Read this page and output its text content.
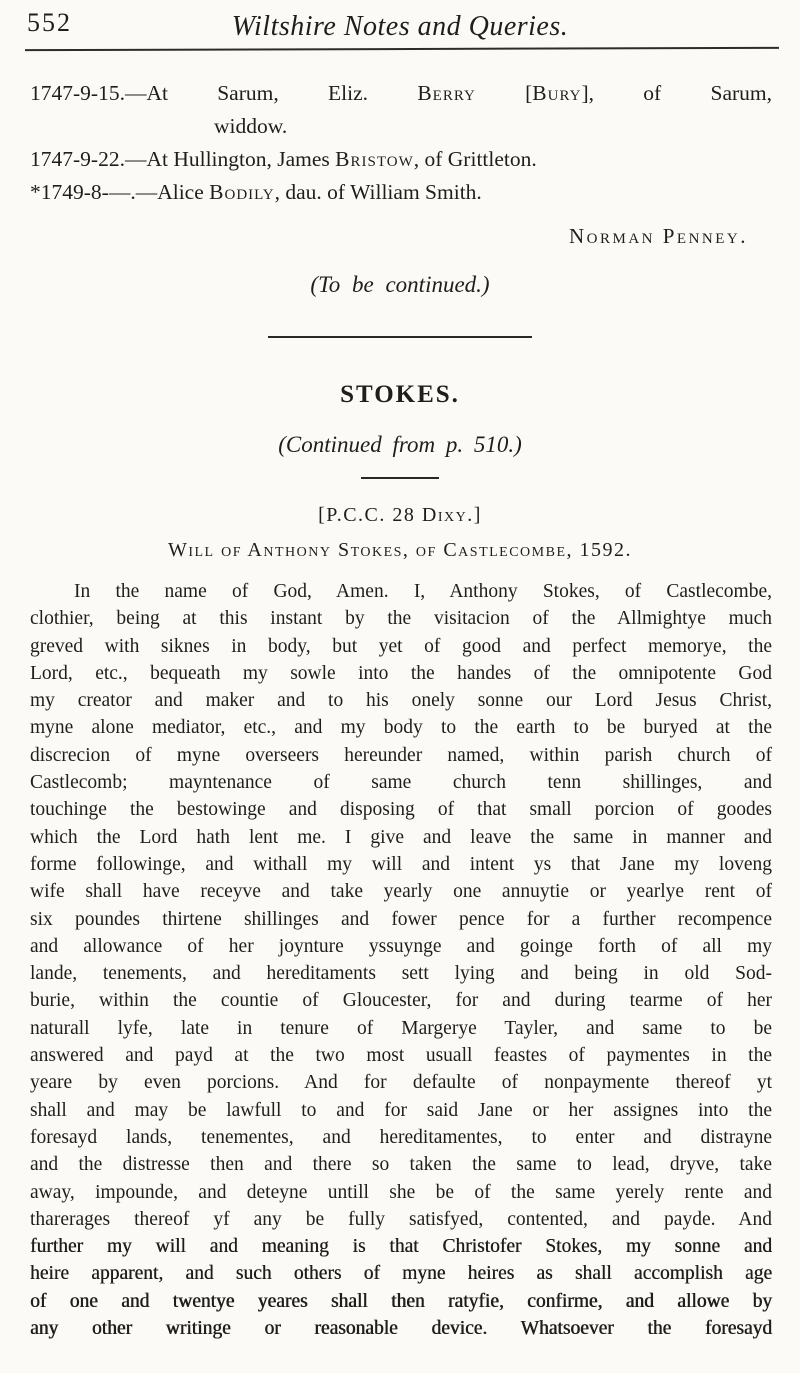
552	Wiltshire Notes and Queries.
1747-9-15.—At Sarum, Eliz. Berry [Bury], of Sarum,
widdow.
1747-9-22.—At Hullington, James Bristow, of Grittleton.
*1749-8-—.—Alice Bodily, dau. of William Smith.
Norman Penney.
(To be continued.)
STOKES.
(Continued from p. 510.)
[P.C.C. 28 Dixy.]
Will of Anthony Stokes, of Castlecombe, 1592.
In the name of God, Amen. I, Anthony Stokes, of Castlecombe,
clothier, being at this instant by the visitacion of the Allmightye much
greved with siknes in body, but yet of good and perfect memorye, the
Lord, etc., bequeath my sowle into the handes of the omnipotente God
my creator and maker and to his onely sonne our Lord Jesus Christ,
myne alone mediator, etc., and my body to the earth to be buryed at the
discrecion of myne overseers hereunder named, within parish church of
Castlecomb; mayntenance of same church tenn shillinges, and
touchinge the bestowinge and disposing of that small porcion of goodes
which the Lord hath lent me. I give and leave the same in manner and
forme followinge, and withall my will and intent ys that Jane my loveng
wife shall have receyve and take yearly one annuytie or yearlye rent of
six poundes thirtene shillinges and fower pence for a further recompence
and allowance of her joynture yssuynge and goinge forth of all my
lande, tenements, and hereditaments sett lying and being in old Sod-
burie, within the countie of Gloucester, for and during tearme of her
naturall lyfe, late in tenure of Margerye Tayler, and same to be
answered and payd at the two most usuall feastes of paymentes in the
yeare by even porcions. And for defaulte of nonpaymente thereof yt
shall and may be lawfull to and for said Jane or her assignes into the
foresayd lands, tenementes, and hereditamentes, to enter and distrayne
and the distresse then and there so taken the same to lead, dryve, take
away, impounde, and deteyne untill she be of the same yerely rente and
tharerages thereof yf any be fully satisfyed, contented, and payde. And
further my will and meaning is that Christofer Stokes, my sonne and
heire apparent, and such others of myne heires as shall accomplish age
of one and twentye yeares shall then ratyfie, confirme, and allowe by
any other writinge or reasonable device. Whatsoever the foresayd
